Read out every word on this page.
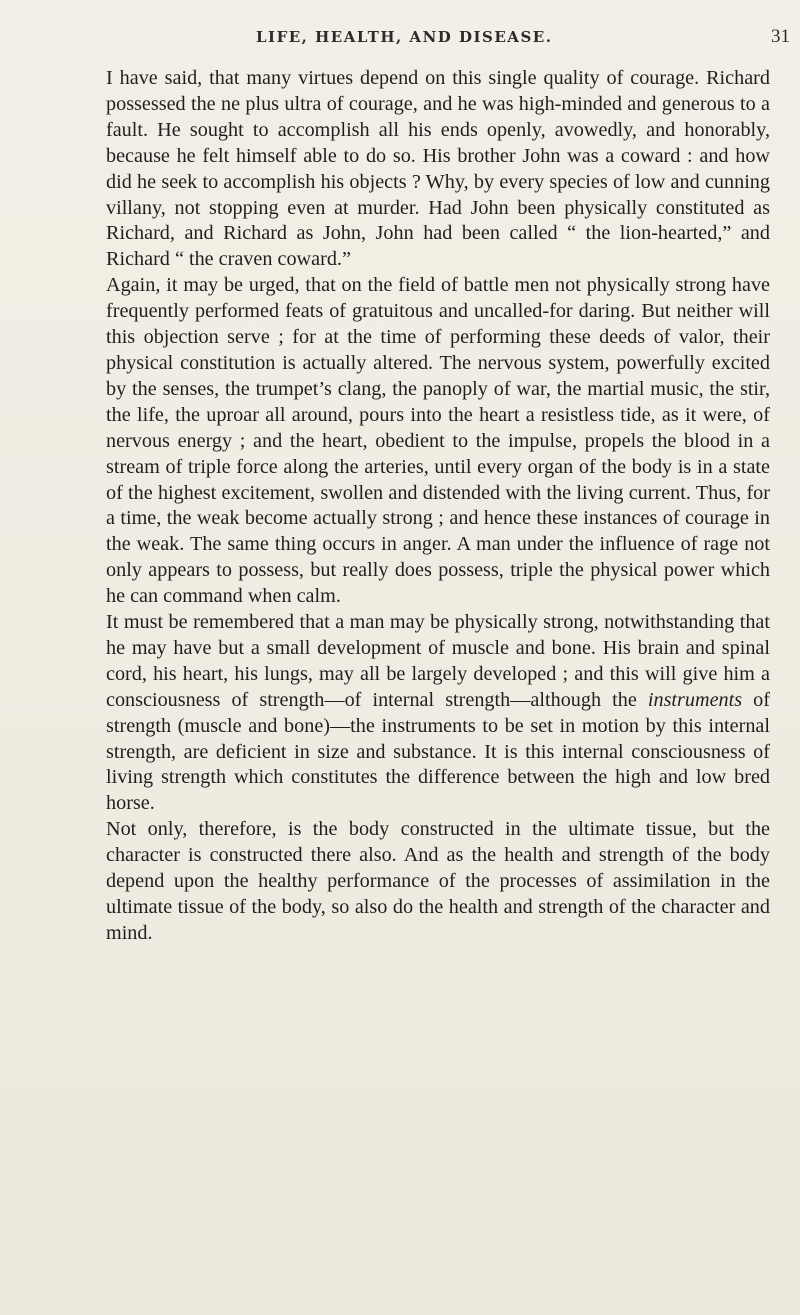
LIFE, HEALTH, AND DISEASE.	31

I have said, that many virtues depend on this single quality of courage. Richard possessed the ne plus ultra of courage, and he was high-minded and generous to a fault. He sought to accomplish all his ends openly, avowedly, and honorably, because he felt himself able to do so. His brother John was a coward : and how did he seek to accomplish his objects ? Why, by every species of low and cunning villany, not stopping even at murder. Had John been physically constituted as Richard, and Richard as John, John had been called “ the lion-hearted,” and Richard “ the craven coward.”

Again, it may be urged, that on the field of battle men not physically strong have frequently performed feats of gratuitous and uncalled-for daring. But neither will this objection serve ; for at the time of performing these deeds of valor, their physical constitution is actually altered. The nervous system, powerfully excited by the senses, the trumpet’s clang, the panoply of war, the martial music, the stir, the life, the uproar all around, pours into the heart a resistless tide, as it were, of nervous energy ; and the heart, obedient to the impulse, propels the blood in a stream of triple force along the arteries, until every organ of the body is in a state of the highest excitement, swollen and distended with the living current. Thus, for a time, the weak become actually strong ; and hence these instances of courage in the weak. The same thing occurs in anger. A man under the influence of rage not only appears to possess, but really does possess, triple the physical power which he can command when calm.

It must be remembered that a man may be physically strong, notwithstanding that he may have but a small development of muscle and bone. His brain and spinal cord, his heart, his lungs, may all be largely developed ; and this will give him a consciousness of strength—of internal strength—although the instruments of strength (muscle and bone)—the instruments to be set in motion by this internal strength, are deficient in size and substance. It is this internal consciousness of living strength which constitutes the difference between the high and low bred horse.

Not only, therefore, is the body constructed in the ultimate tissue, but the character is constructed there also. And as the health and strength of the body depend upon the healthy performance of the processes of assimilation in the ultimate tissue of the body, so also do the health and strength of the character and mind.
